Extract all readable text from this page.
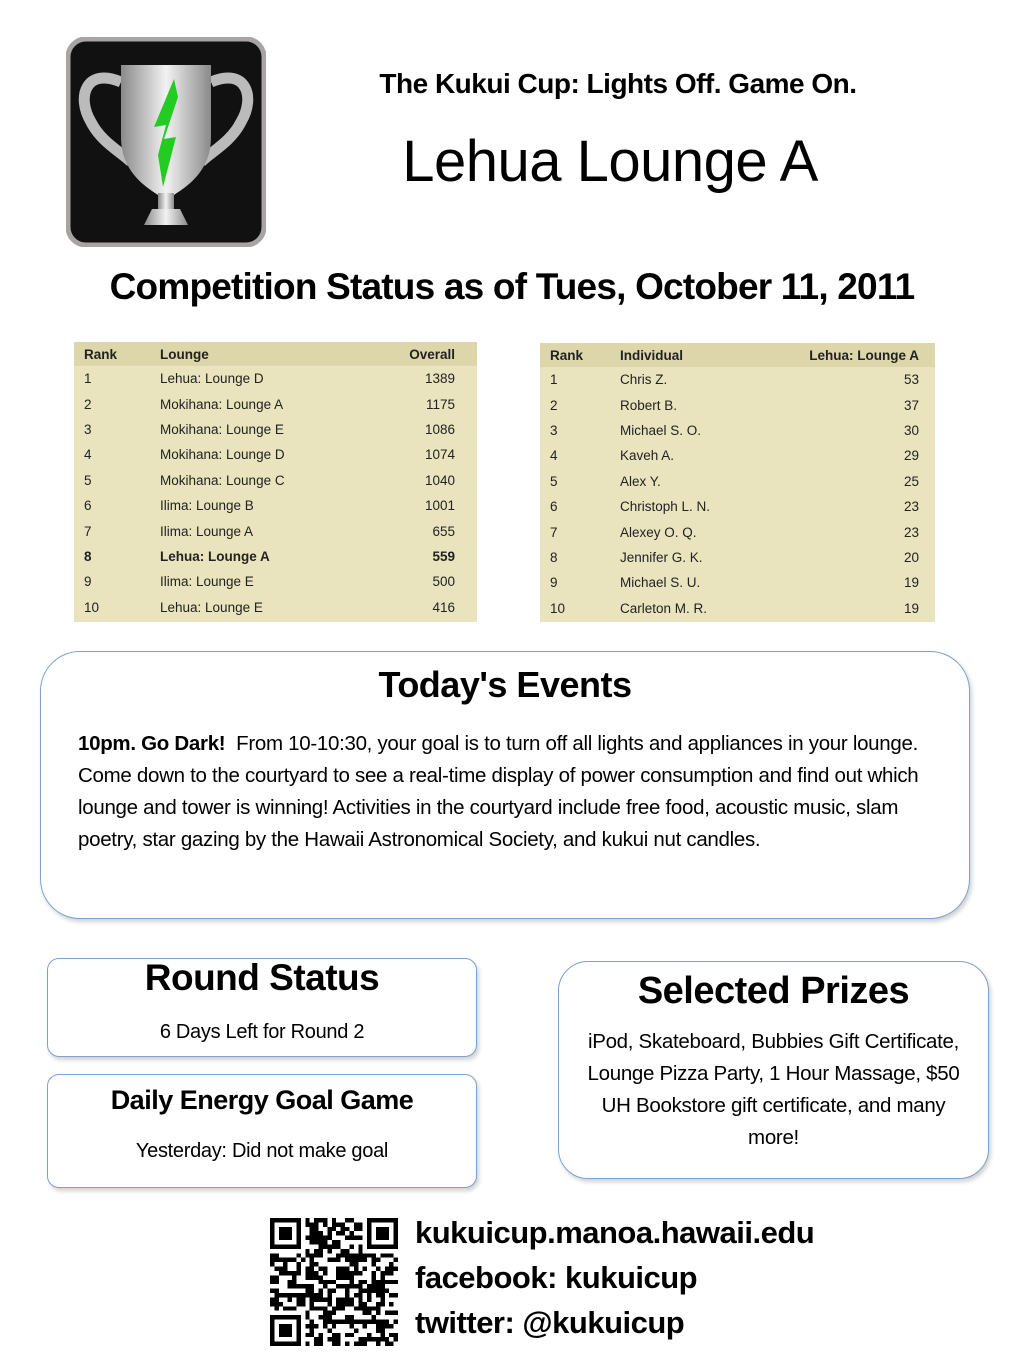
The Kukui Cup: Lights Off. Game On.
Lehua Lounge A
Competition Status as of Tues, October 11, 2011
Rank	Lounge	Overall
1	Lehua: Lounge D	1389
2	Mokihana: Lounge A	1175
3	Mokihana: Lounge E	1086
4	Mokihana: Lounge D	1074
5	Mokihana: Lounge C	1040
6	Ilima: Lounge B	1001
7	Ilima: Lounge A	655
8	Lehua: Lounge A	559
9	Ilima: Lounge E	500
10	Lehua: Lounge E	416
Rank	Individual	Lehua: Lounge A
1	Chris Z.	53
2	Robert B.	37
3	Michael S. O.	30
4	Kaveh A.	29
5	Alex Y.	25
6	Christoph L. N.	23
7	Alexey O. Q.	23
8	Jennifer G. K.	20
9	Michael S. U.	19
10	Carleton M. R.	19
Today's Events
10pm. Go Dark! From 10-10:30, your goal is to turn off all lights and appliances in your lounge. Come down to the courtyard to see a real-time display of power consumption and find out which lounge and tower is winning! Activities in the courtyard include free food, acoustic music, slam poetry, star gazing by the Hawaii Astronomical Society, and kukui nut candles.
Round Status
6 Days Left for Round 2
Daily Energy Goal Game
Yesterday: Did not make goal
Selected Prizes
iPod, Skateboard, Bubbies Gift Certificate, Lounge Pizza Party, 1 Hour Massage, $50 UH Bookstore gift certificate, and many more!
kukuicup.manoa.hawaii.edu
facebook: kukuicup
twitter: @kukuicup
